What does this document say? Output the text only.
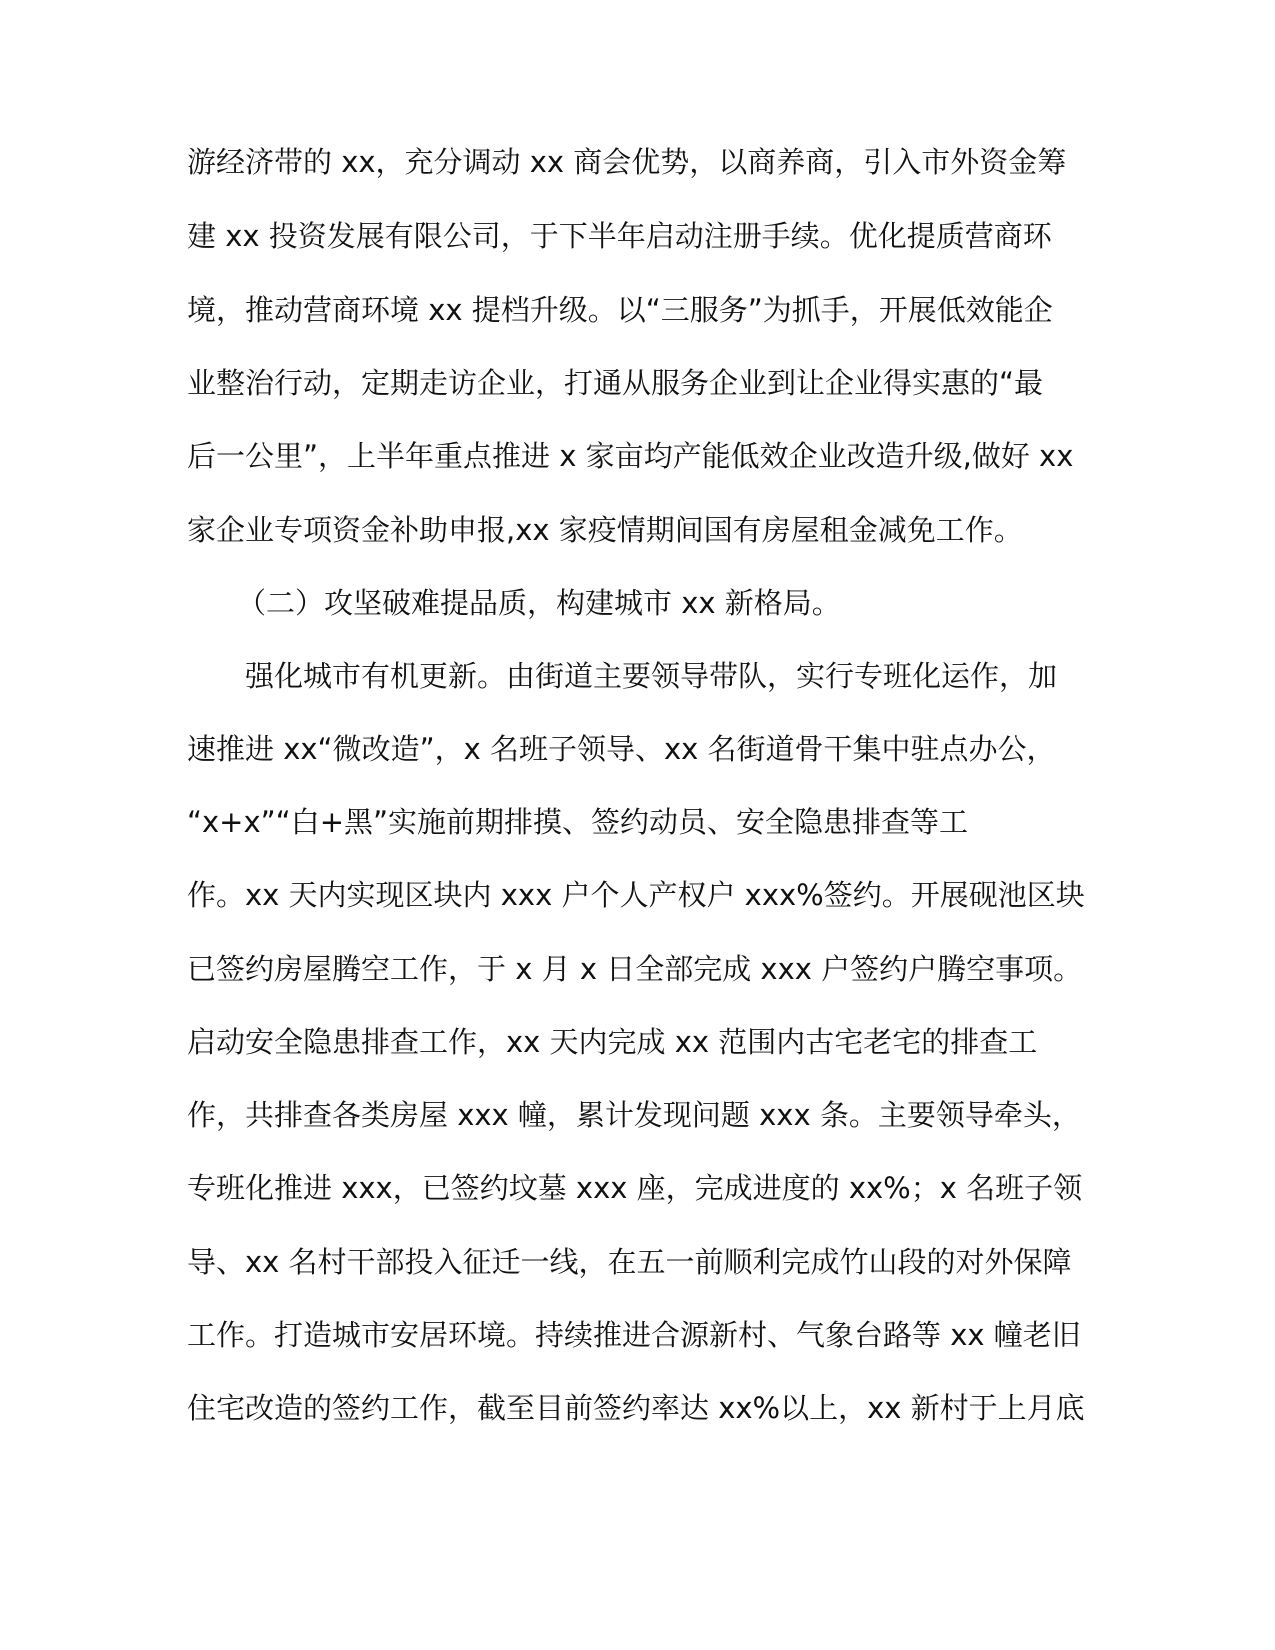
游经济带的 xx，充分调动 xx 商会优势，以商养商，引入市外资金筹

建 xx 投资发展有限公司，于下半年启动注册手续。优化提质营商环

境，推动营商环境 xx 提档升级。以“三服务”为抓手，开展低效能企

业整治行动，定期走访企业，打通从服务企业到让企业得实惠的“最

后一公里”，上半年重点推进 x 家亩均产能低效企业改造升级,做好 xx

家企业专项资金补助申报,xx 家疫情期间国有房屋租金减免工作。

（二）攻坚破难提品质，构建城市 xx 新格局。

强化城市有机更新。由街道主要领导带队，实行专班化运作，加

速推进 xx“微改造”，x 名班子领导、xx 名街道骨干集中驻点办公，

“x+x”“白+黑”实施前期排摸、签约动员、安全隐患排查等工

作。xx 天内实现区块内 xxx 户个人产权户 xxx%签约。开展砚池区块

已签约房屋腾空工作，于 x 月 x 日全部完成 xxx 户签约户腾空事项。

启动安全隐患排查工作，xx 天内完成 xx 范围内古宅老宅的排查工

作，共排查各类房屋 xxx 幢，累计发现问题 xxx 条。主要领导牵头，

专班化推进 xxx，已签约坟墓 xxx 座，完成进度的 xx%；x 名班子领

导、xx 名村干部投入征迁一线，在五一前顺利完成竹山段的对外保障

工作。打造城市安居环境。持续推进合源新村、气象台路等 xx 幢老旧

住宅改造的签约工作，截至目前签约率达 xx%以上，xx 新村于上月底
